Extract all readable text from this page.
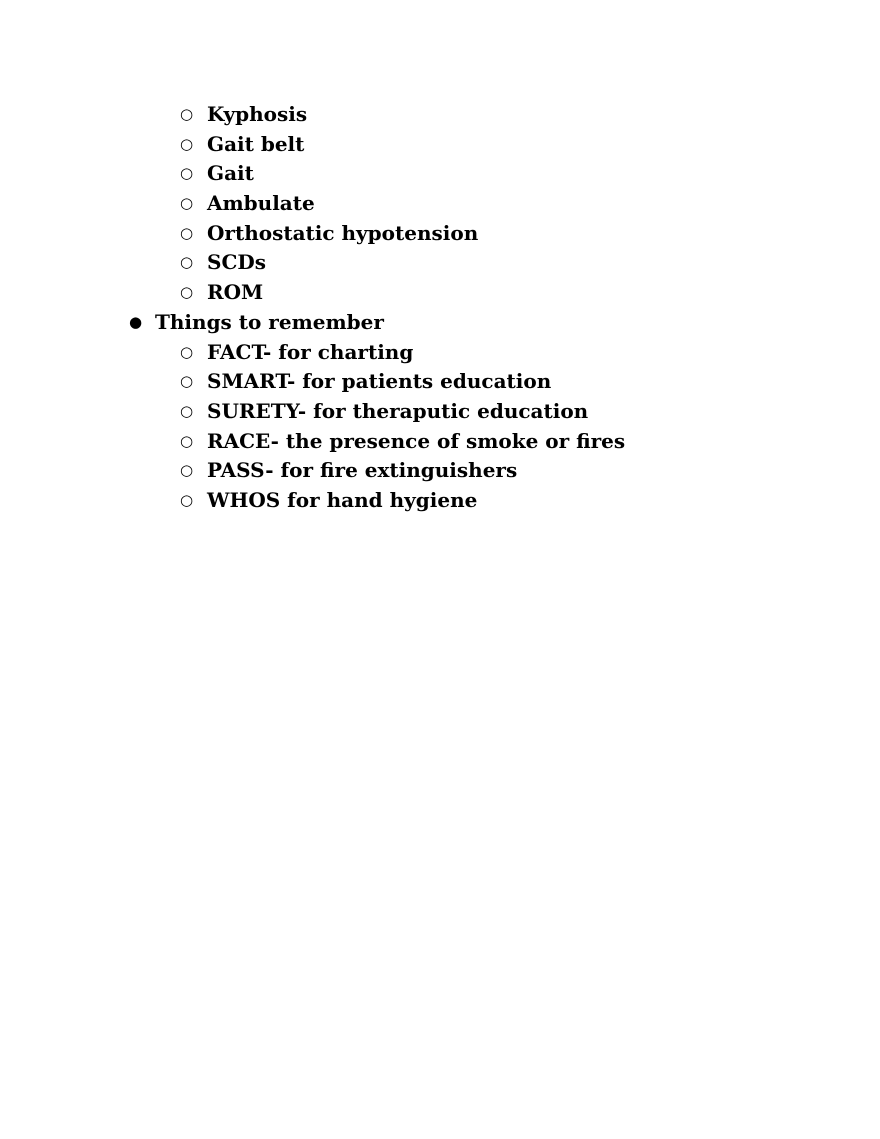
○ Kyphosis
○ Gait belt
○ Gait
○ Ambulate
○ Orthostatic hypotension
○ SCDs
○ ROM
● Things to remember
○ FACT- for charting
○ SMART- for patients education
○ SURETY- for theraputic education
○ RACE- the presence of smoke or fires
○ PASS- for fire extinguishers
○ WHOS for hand hygiene
